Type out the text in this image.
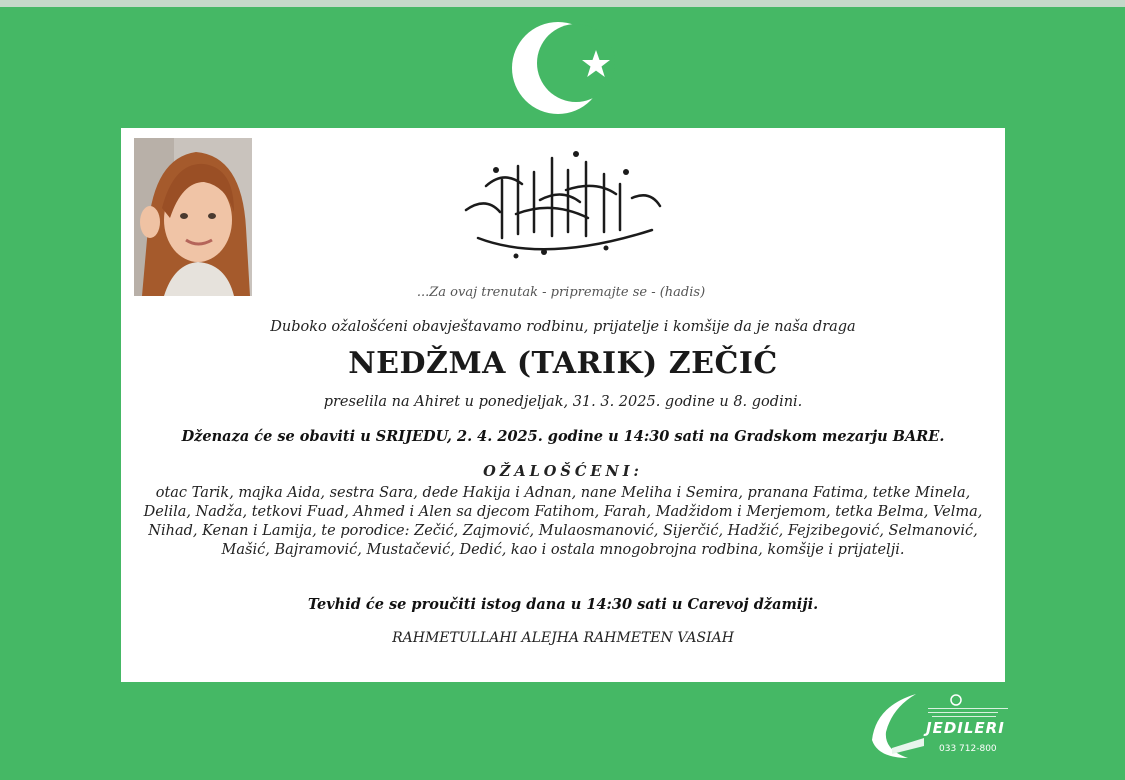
...Za ovaj trenutak - pripremajte se - (hadis)
Duboko ožalošćeni obavještavamo rodbinu, prijatelje i komšije da je naša draga
NEDŽMA (TARIK) ZEČIĆ
preselila na Ahiret u ponedjeljak, 31. 3. 2025. godine u 8. godini.
Dženaza će se obaviti u SRIJEDU, 2. 4. 2025. godine u 14:30 sati na Gradskom mezarju BARE.
OŽALOŠĆENI:
otac Tarik, majka Aida, sestra Sara, dede Hakija i Adnan, nane Meliha i Semira, pranana Fatima, tetke Minela, Delila, Nadža, tetkovi Fuad, Ahmed i Alen sa djecom Fatihom, Farah, Madžidom i Merjemom, tetka Belma, Velma, Nihad, Kenan i Lamija, te porodice: Zečić, Zajmović, Mulaosmanović, Sijerčić, Hadžić, Fejzibegović, Selmanović, Mašić, Bajramović, Mustačević, Dedić, kao i ostala mnogobrojna rodbina, komšije i prijatelji.
Tevhid će se proučiti istog dana u 14:30 sati u Carevoj džamiji.
RAHMETULLAHI ALEJHA RAHMETEN VASIAH
JEDILERI
033 712-800
